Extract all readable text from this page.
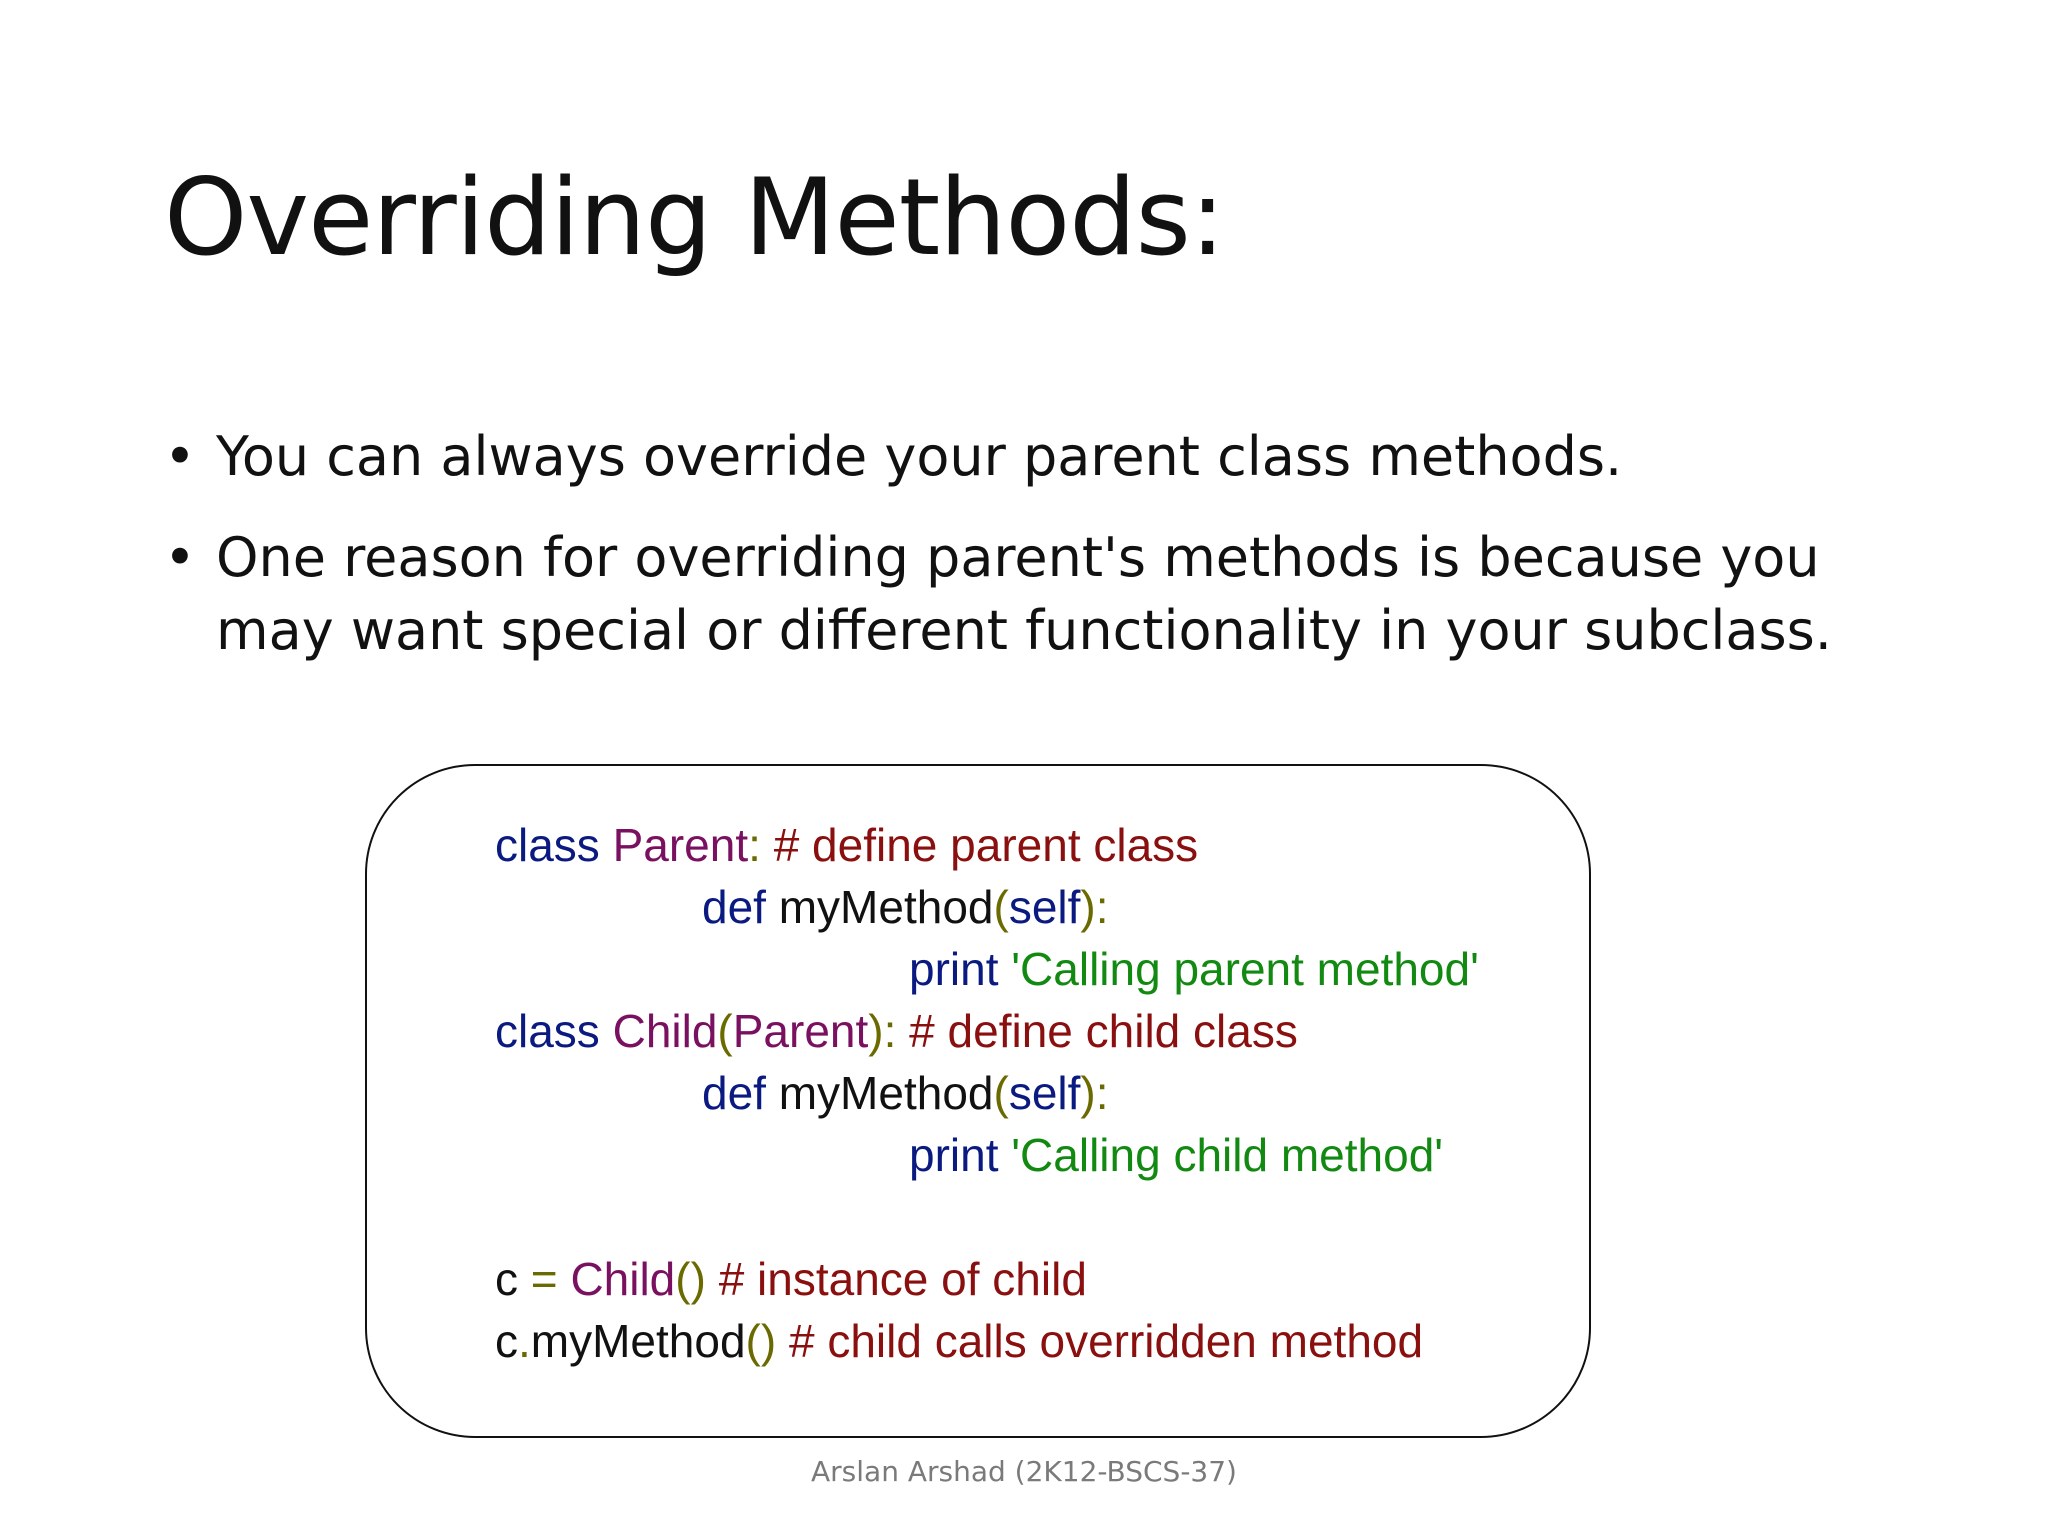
Overriding Methods:
• You can always override your parent class methods.
• One reason for overriding parent's methods is because you may want special or different functionality in your subclass.
class Parent: # define parent class
def myMethod(self):
print 'Calling parent method'
class Child(Parent): # define child class
def myMethod(self):
print 'Calling child method'
c = Child() # instance of child
c.myMethod() # child calls overridden method
Arslan Arshad (2K12-BSCS-37)
